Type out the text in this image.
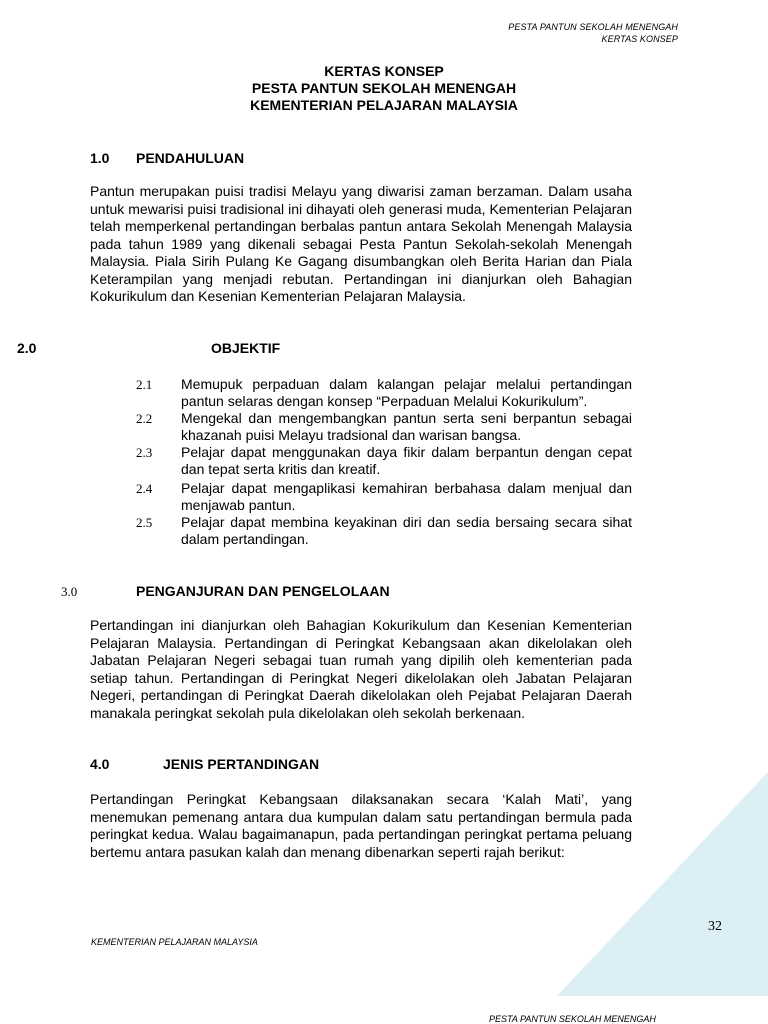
PESTA PANTUN SEKOLAH MENENGAH
KERTAS KONSEP
KERTAS KONSEP
PESTA PANTUN SEKOLAH MENENGAH
KEMENTERIAN PELAJARAN MALAYSIA
1.0 PENDAHULUAN
Pantun merupakan puisi tradisi Melayu yang diwarisi zaman berzaman. Dalam usaha untuk mewarisi puisi tradisional ini dihayati oleh generasi muda, Kementerian Pelajaran telah memperkenal pertandingan berbalas pantun antara Sekolah Menengah Malaysia pada tahun 1989 yang dikenali sebagai Pesta Pantun Sekolah-sekolah Menengah Malaysia. Piala Sirih Pulang Ke Gagang disumbangkan oleh Berita Harian dan Piala Keterampilan yang menjadi rebutan. Pertandingan ini dianjurkan oleh Bahagian Kokurikulum dan Kesenian Kementerian Pelajaran Malaysia.
2.0	OBJEKTIF
2.1 Memupuk perpaduan dalam kalangan pelajar melalui pertandingan pantun selaras dengan konsep “Perpaduan Melalui Kokurikulum”.
2.2 Mengekal dan mengembangkan pantun serta seni berpantun sebagai khazanah puisi Melayu tradsional dan warisan bangsa.
2.3 Pelajar dapat menggunakan daya fikir dalam berpantun dengan cepat dan tepat serta kritis dan kreatif.
2.4 Pelajar dapat mengaplikasi kemahiran berbahasa dalam menjual dan menjawab pantun.
2.5 Pelajar dapat membina keyakinan diri dan sedia bersaing secara sihat dalam pertandingan.
3.0	PENGANJURAN DAN PENGELOLAAN
Pertandingan ini dianjurkan oleh Bahagian Kokurikulum dan Kesenian Kementerian Pelajaran Malaysia. Pertandingan di Peringkat Kebangsaan akan dikelolakan oleh Jabatan Pelajaran Negeri sebagai tuan rumah yang dipilih oleh kementerian pada setiap tahun. Pertandingan di Peringkat Negeri dikelolakan oleh Jabatan Pelajaran Negeri, pertandingan di Peringkat Daerah dikelolakan oleh Pejabat Pelajaran Daerah manakala peringkat sekolah pula dikelolakan oleh sekolah berkenaan.
4.0	JENIS PERTANDINGAN
Pertandingan Peringkat Kebangsaan dilaksanakan secara ‘Kalah Mati’, yang menemukan pemenang antara dua kumpulan dalam satu pertandingan bermula pada peringkat kedua. Walau bagaimanapun, pada pertandingan peringkat pertama peluang bertemu antara pasukan kalah dan menang dibenarkan seperti rajah berikut:
32
KEMENTERIAN PELAJARAN MALAYSIA
PESTA PANTUN SEKOLAH MENENGAH
